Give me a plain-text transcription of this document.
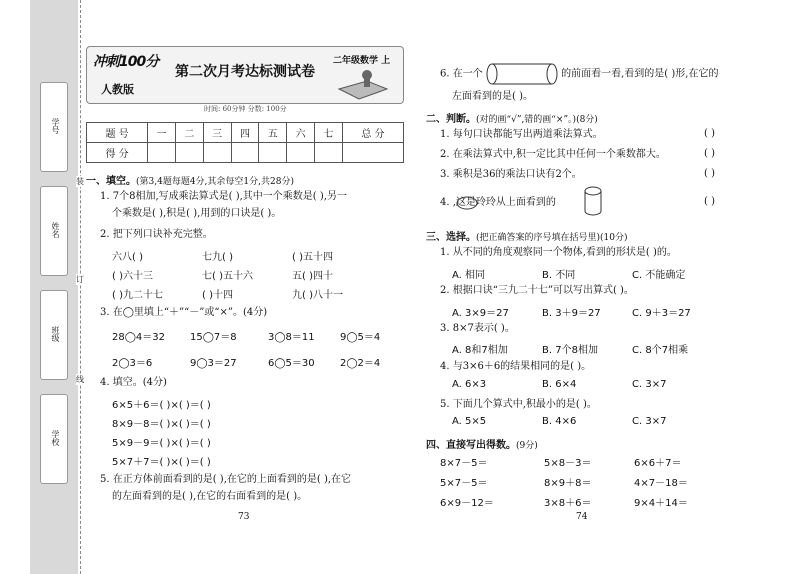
学号
姓名
班级
学校
装
订
线
冲刺100分
人教版
第二次月考达标测试卷
二年级数学 上
时间: 60分钟 分数: 100分
题 号	一	二	三	四	五	六	七	总 分
得 分								
一、填空。(第3,4题每题4分,其余每空1分,共28分)
1. 7个8相加,写成乘法算式是( ),其中一个乘数是( ),另一
个乘数是( ),积是( ),用到的口诀是( )。
2. 把下列口诀补充完整。
六八( )	七九( )	( )五十四
( )六十三	七( )五十六	五( )四十
( )九二十七	( )十四	九( )八十一
3. 在◯里填上“＋”“－”或“×”。(4分)
28◯4＝32 15◯7＝8	3◯8＝11	9◯5＝4
2◯3＝6	9◯3＝27	6◯5＝30	2◯2＝4
4. 填空。(4分)
6×5＋6＝( )×( )＝( )
8×9－8＝( )×( )＝( )
5×9－9＝( )×( )＝( )
5×7＋7＝( )×( )＝( )
5. 在正方体前面看到的是( ),在它的上面看到的是( ),在它
的左面看到的是( ),在它的右面看到的是( )。
73
6. 在一个	的前面看一看,看到的是( )形,在它的
左面看到的是( )。
二、判断。(对的画“√”,错的画“×”。)(8分)
1. 每句口诀都能写出两道乘法算式。	( )
2. 在乘法算式中,积一定比其中任何一个乘数都大。	( )
3. 乘积是36的乘法口诀有2个。	( )
4. ,这是玲玲从上面看到的	( )
三、选择。(把正确答案的序号填在括号里)(10分)
1. 从不同的角度观察同一个物体,看到的形状是( )的。
A. 相同	B. 不同	C. 不能确定
2. 根据口诀“三九二十七”可以写出算式( )。
A. 3×9＝27	B. 3＋9＝27	C. 9＋3＝27
3. 8×7表示( )。
A. 8和7相加	B. 7个8相加	C. 8个7相乘
4. 与3×6＋6的结果相同的是( )。
A. 6×3	B. 6×4	C. 3×7
5. 下面几个算式中,积最小的是( )。
A. 5×5	B. 4×6	C. 3×7
四、直接写出得数。(9分)
8×7－5＝	5×8－3＝	6×6＋7＝
5×7－5＝	8×9＋8＝	4×7－18＝
6×9－12＝	3×8＋6＝	9×4＋14＝
74
